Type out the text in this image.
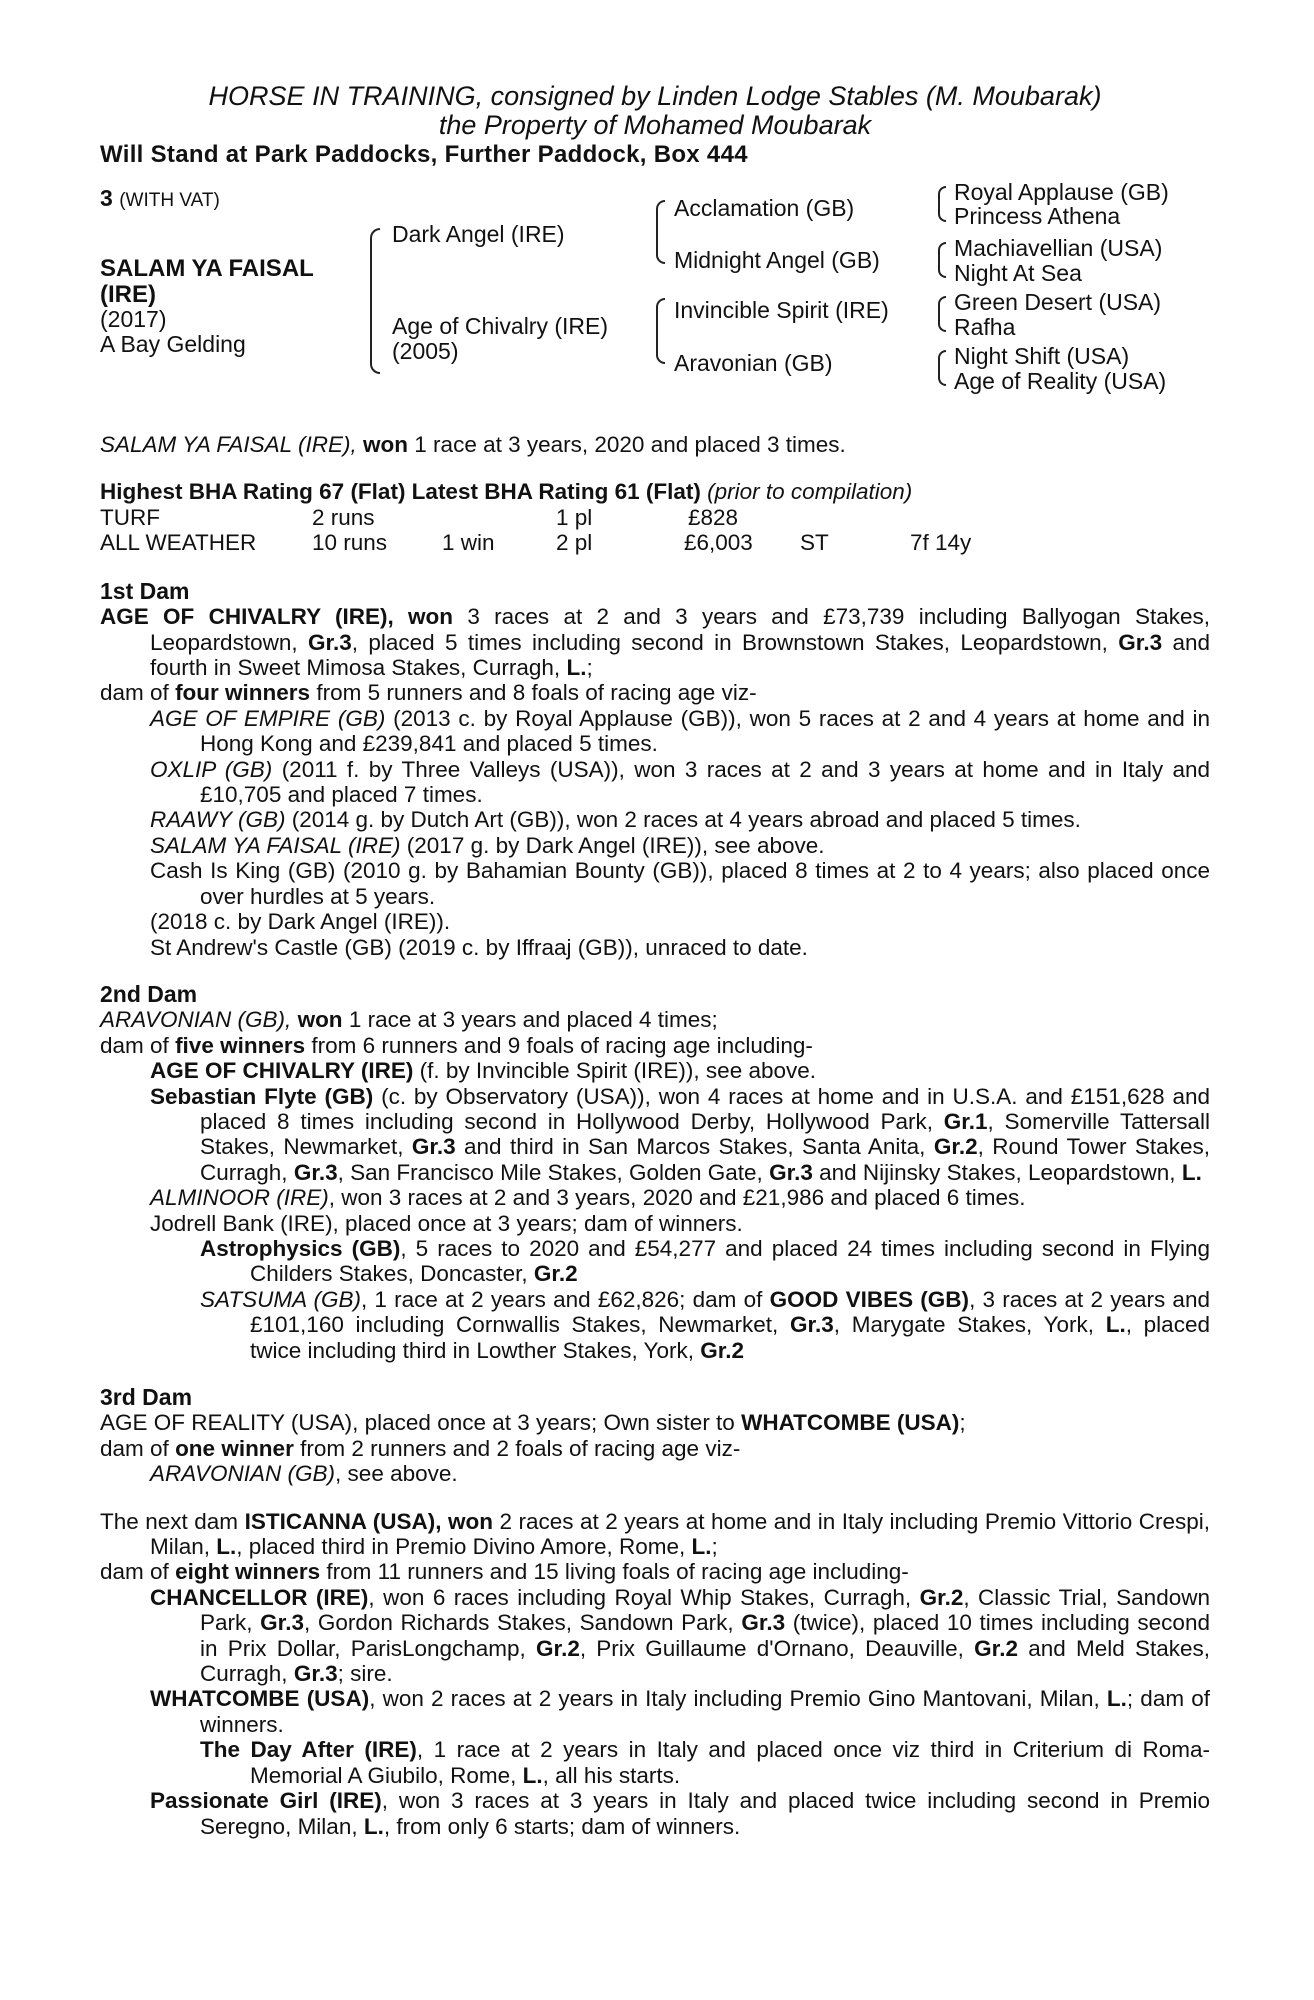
HORSE IN TRAINING, consigned by Linden Lodge Stables (M. Moubarak)
the Property of Mohamed Moubarak
Will Stand at Park Paddocks, Further Paddock, Box 444
3 (WITH VAT)
SALAM YA FAISAL
(IRE)
(2017)
A Bay Gelding
Dark Angel (IRE)
Age of Chivalry (IRE)
(2005)
Acclamation (GB)
Midnight Angel (GB)
Invincible Spirit (IRE)
Aravonian (GB)
Royal Applause (GB)
Princess Athena
Machiavellian (USA)
Night At Sea
Green Desert (USA)
Rafha
Night Shift (USA)
Age of Reality (USA)
SALAM YA FAISAL (IRE), won 1 race at 3 years, 2020 and placed 3 times.
Highest BHA Rating 67 (Flat) Latest BHA Rating 61 (Flat) (prior to compilation)
TURF	2 runs	1 pl	£828
ALL WEATHER 10 runs 1 win	2 pl	£6,003 ST	7f 14y
1st Dam
AGE OF CHIVALRY (IRE), won 3 races at 2 and 3 years and £73,739 including Ballyogan Stakes, Leopardstown, Gr.3, placed 5 times including second in Brownstown Stakes, Leopardstown, Gr.3 and fourth in Sweet Mimosa Stakes, Curragh, L.;
dam of four winners from 5 runners and 8 foals of racing age viz-
AGE OF EMPIRE (GB) (2013 c. by Royal Applause (GB)), won 5 races at 2 and 4 years at home and in Hong Kong and £239,841 and placed 5 times.
OXLIP (GB) (2011 f. by Three Valleys (USA)), won 3 races at 2 and 3 years at home and in Italy and £10,705 and placed 7 times.
RAAWY (GB) (2014 g. by Dutch Art (GB)), won 2 races at 4 years abroad and placed 5 times.
SALAM YA FAISAL (IRE) (2017 g. by Dark Angel (IRE)), see above.
Cash Is King (GB) (2010 g. by Bahamian Bounty (GB)), placed 8 times at 2 to 4 years; also placed once over hurdles at 5 years.
(2018 c. by Dark Angel (IRE)).
St Andrew's Castle (GB) (2019 c. by Iffraaj (GB)), unraced to date.
2nd Dam
ARAVONIAN (GB), won 1 race at 3 years and placed 4 times;
dam of five winners from 6 runners and 9 foals of racing age including-
AGE OF CHIVALRY (IRE) (f. by Invincible Spirit (IRE)), see above.
Sebastian Flyte (GB) (c. by Observatory (USA)), won 4 races at home and in U.S.A. and £151,628 and placed 8 times including second in Hollywood Derby, Hollywood Park, Gr.1, Somerville Tattersall Stakes, Newmarket, Gr.3 and third in San Marcos Stakes, Santa Anita, Gr.2, Round Tower Stakes, Curragh, Gr.3, San Francisco Mile Stakes, Golden Gate, Gr.3 and Nijinsky Stakes, Leopardstown, L.
ALMINOOR (IRE), won 3 races at 2 and 3 years, 2020 and £21,986 and placed 6 times.
Jodrell Bank (IRE), placed once at 3 years; dam of winners.
Astrophysics (GB), 5 races to 2020 and £54,277 and placed 24 times including second in Flying Childers Stakes, Doncaster, Gr.2
SATSUMA (GB), 1 race at 2 years and £62,826; dam of GOOD VIBES (GB), 3 races at 2 years and £101,160 including Cornwallis Stakes, Newmarket, Gr.3, Marygate Stakes, York, L., placed twice including third in Lowther Stakes, York, Gr.2
3rd Dam
AGE OF REALITY (USA), placed once at 3 years; Own sister to WHATCOMBE (USA);
dam of one winner from 2 runners and 2 foals of racing age viz-
ARAVONIAN (GB), see above.
The next dam ISTICANNA (USA), won 2 races at 2 years at home and in Italy including Premio Vittorio Crespi, Milan, L., placed third in Premio Divino Amore, Rome, L.;
dam of eight winners from 11 runners and 15 living foals of racing age including-
CHANCELLOR (IRE), won 6 races including Royal Whip Stakes, Curragh, Gr.2, Classic Trial, Sandown Park, Gr.3, Gordon Richards Stakes, Sandown Park, Gr.3 (twice), placed 10 times including second in Prix Dollar, ParisLongchamp, Gr.2, Prix Guillaume d'Ornano, Deauville, Gr.2 and Meld Stakes, Curragh, Gr.3; sire.
WHATCOMBE (USA), won 2 races at 2 years in Italy including Premio Gino Mantovani, Milan, L.; dam of winners.
The Day After (IRE), 1 race at 2 years in Italy and placed once viz third in Criterium di Roma-Memorial A Giubilo, Rome, L., all his starts.
Passionate Girl (IRE), won 3 races at 3 years in Italy and placed twice including second in Premio Seregno, Milan, L., from only 6 starts; dam of winners.
